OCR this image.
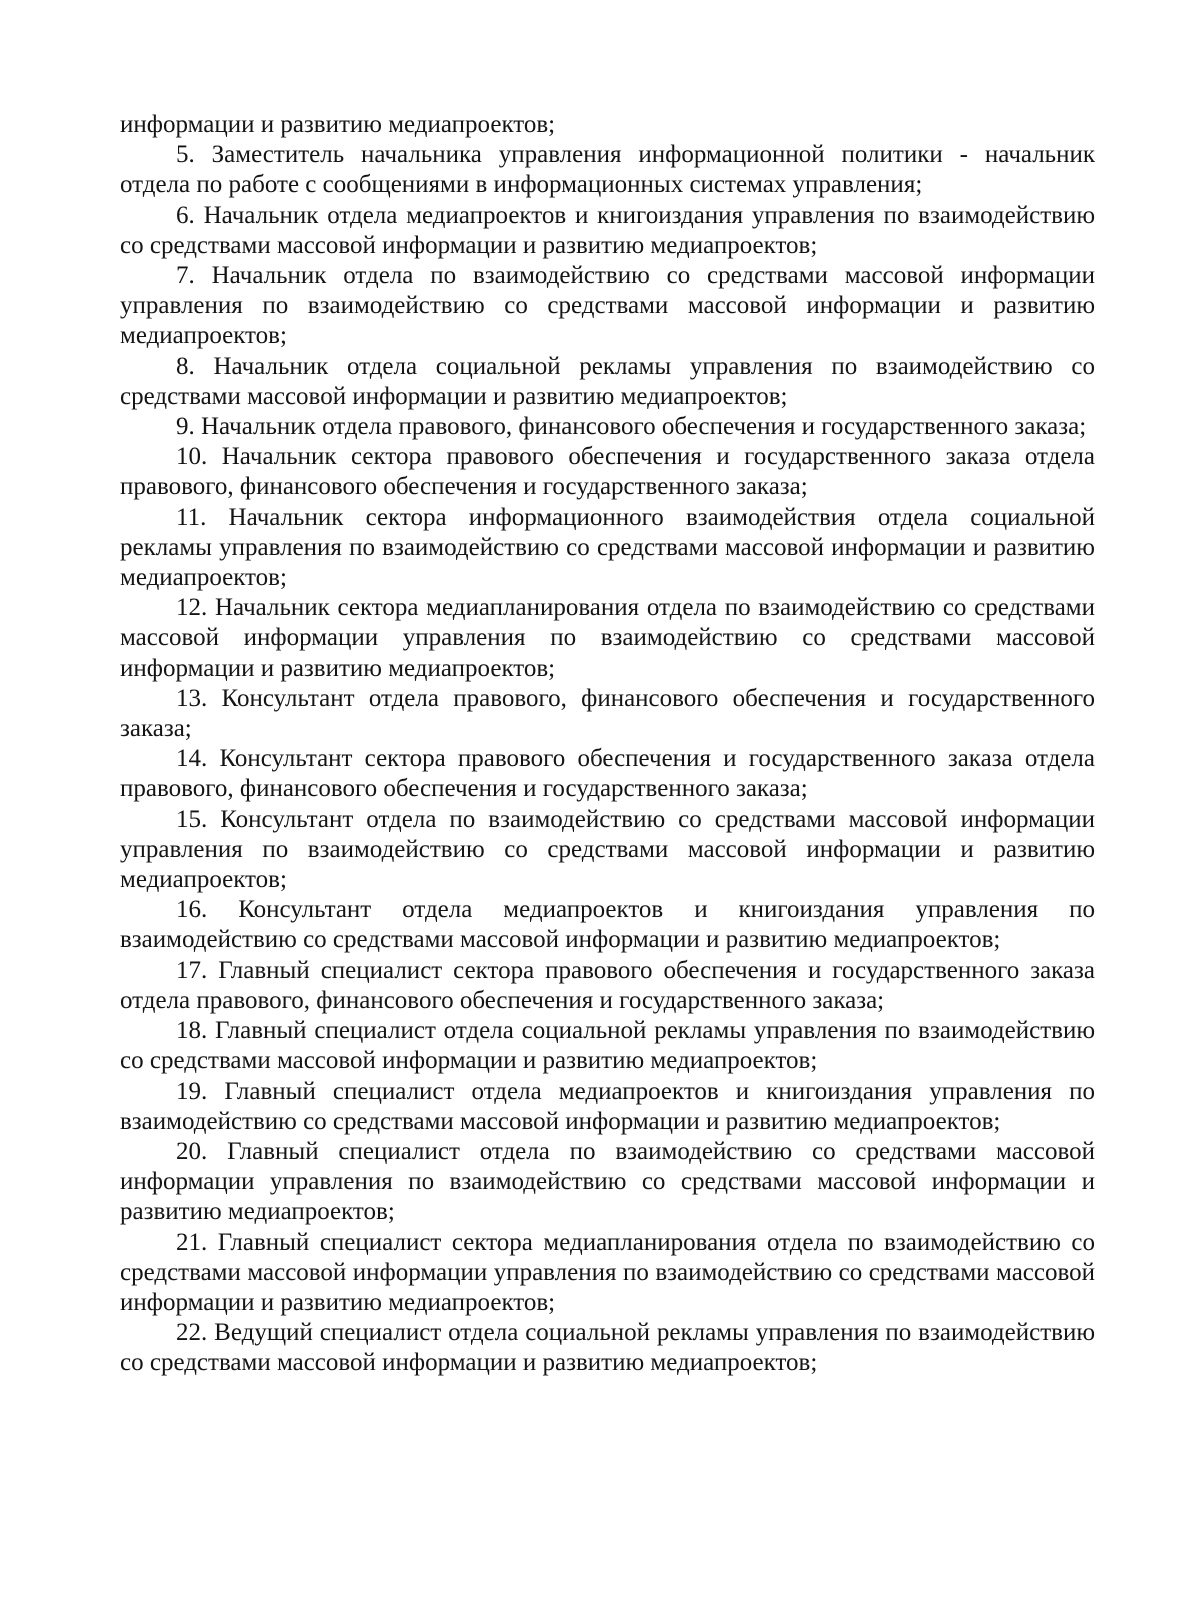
информации и развитию медиапроектов;

5. Заместитель начальника управления информационной политики - начальник отдела по работе с сообщениями в информационных системах управления;

6. Начальник отдела медиапроектов и книгоиздания управления по взаимодействию со средствами массовой информации и развитию медиапроектов;

7. Начальник отдела по взаимодействию со средствами массовой информации управления по взаимодействию со средствами массовой информации и развитию медиапроектов;

8. Начальник отдела социальной рекламы управления по взаимодействию со средствами массовой информации и развитию медиапроектов;

9. Начальник отдела правового, финансового обеспечения и государственного заказа;

10. Начальник сектора правового обеспечения и государственного заказа отдела правового, финансового обеспечения и государственного заказа;

11. Начальник сектора информационного взаимодействия отдела социальной рекламы управления по взаимодействию со средствами массовой информации и развитию медиапроектов;

12. Начальник сектора медиапланирования отдела по взаимодействию со средствами массовой информации управления по взаимодействию со средствами массовой информации и развитию медиапроектов;

13. Консультант отдела правового, финансового обеспечения и государственного заказа;

14. Консультант сектора правового обеспечения и государственного заказа отдела правового, финансового обеспечения и государственного заказа;

15. Консультант отдела по взаимодействию со средствами массовой информации управления по взаимодействию со средствами массовой информации и развитию медиапроектов;

16. Консультант отдела медиапроектов и книгоиздания управления по взаимодействию со средствами массовой информации и развитию медиапроектов;

17. Главный специалист сектора правового обеспечения и государственного заказа отдела правового, финансового обеспечения и государственного заказа;

18. Главный специалист отдела социальной рекламы управления по взаимодействию со средствами массовой информации и развитию медиапроектов;

19. Главный специалист отдела медиапроектов и книгоиздания управления по взаимодействию со средствами массовой информации и развитию медиапроектов;

20. Главный специалист отдела по взаимодействию со средствами массовой информации управления по взаимодействию со средствами массовой информации и развитию медиапроектов;

21. Главный специалист сектора медиапланирования отдела по взаимодействию со средствами массовой информации управления по взаимодействию со средствами массовой информации и развитию медиапроектов;

22. Ведущий специалист отдела социальной рекламы управления по взаимодействию со средствами массовой информации и развитию медиапроектов;
